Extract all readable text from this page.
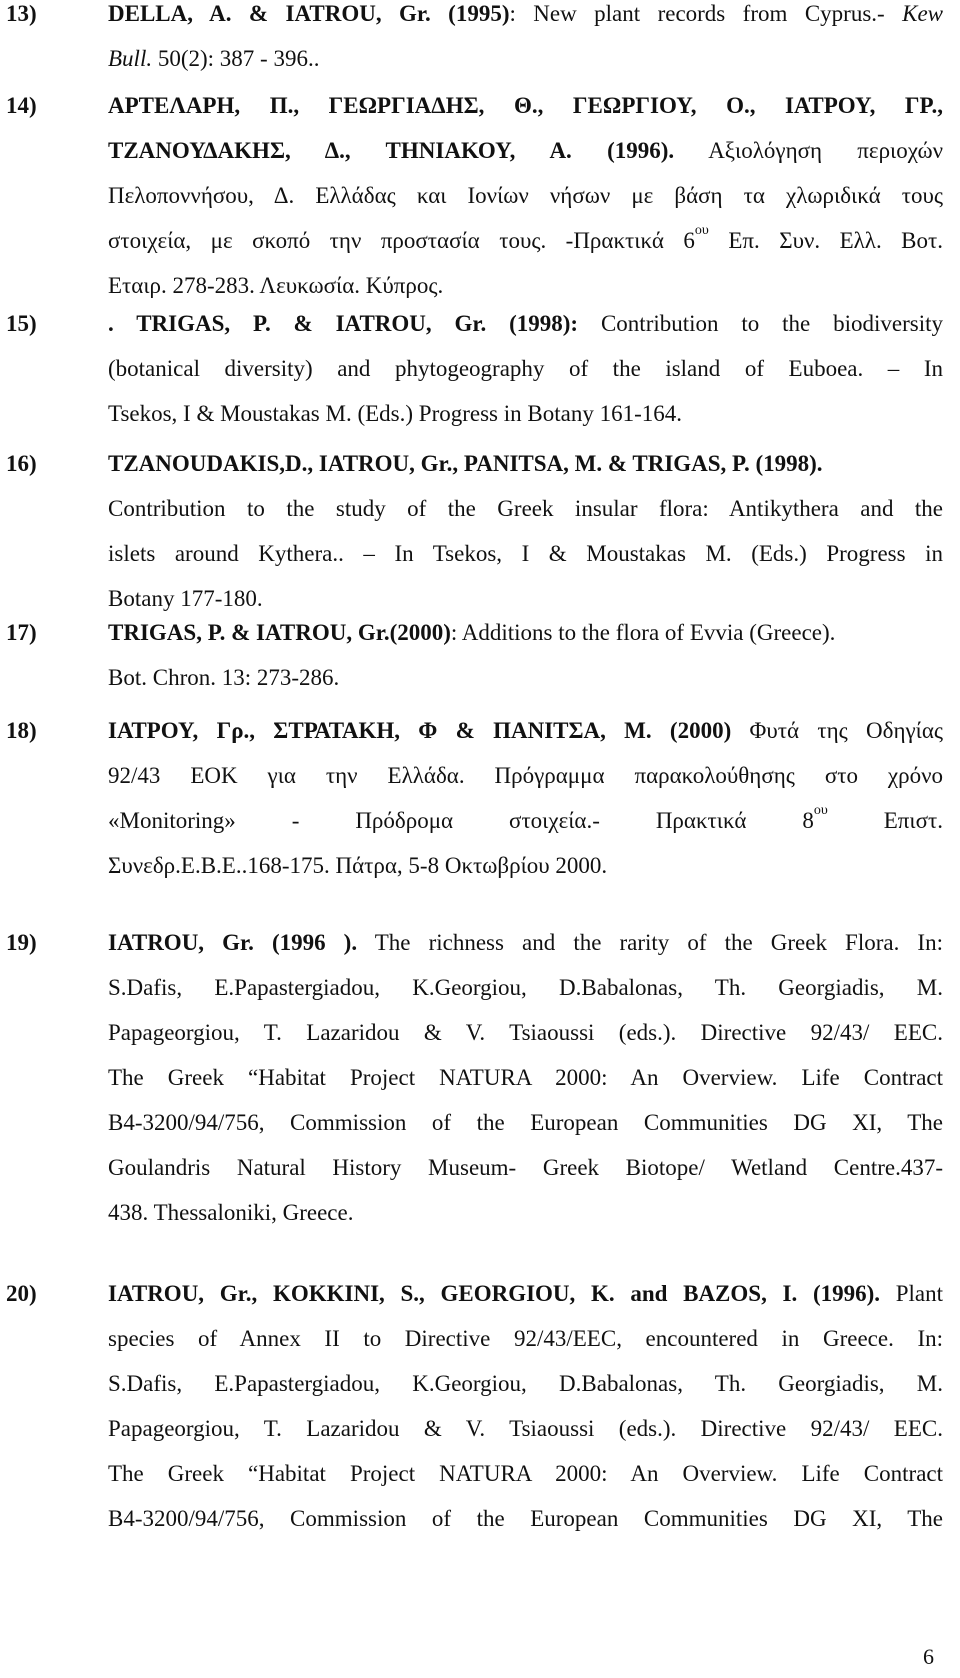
13)	DELLA, A. & IATROU, Gr. (1995): New plant records from Cyprus.- Kew
Bull. 50(2): 387 - 396..
14)	ΑΡΤΕΛΑΡΗ, Π., ΓΕΩΡΓΙΑΔΗΣ, Θ., ΓΕΩΡΓΙΟΥ, Ο., ΙΑΤΡΟΥ, ΓΡ.,
ΤΖΑΝΟΥΔΑΚΗΣ, Δ., ΤΗΝΙΑΚΟΥ, Α. (1996). Αξιολόγηση περιοχών
Πελοποννήσου, Δ. Ελλάδας και Ιονίων νήσων με βάση τα χλωριδικά τους
στοιχεία, με σκοπό την προστασία τους. -Πρακτικά $6^{o\upsilon}$ Επ. Συν. Ελλ. Βοτ.
Εταιρ. 278-283. Λευκωσία. Κύπρος.
15)	. TRIGAS, P. & IATROU, Gr. (1998): Contribution to the biodiversity
(botanical diversity) and phytogeography of the island of Euboea. – In
Tsekos, I & Moustakas M. (Eds.) Progress in Botany 161-164.
16)	TZANOUDAKIS,D., IATROU, Gr., PANITSA, M. & TRIGAS, P. (1998).
Contribution to the study of the Greek insular flora: Antikythera and the
islets around Kythera.. – In Tsekos, I & Moustakas M. (Eds.) Progress in
Botany 177-180.
17)	TRIGAS, P. & IATROU, Gr.(2000): Additions to the flora of Evvia (Greece).
Bot. Chron. 13: 273-286.
18)	ΙΑΤΡΟΥ, Γρ., ΣΤΡΑΤΑΚΗ, Φ & ΠΑΝΙΤΣΑ, Μ. (2000) Φυτά της Οδηγίας
92/43 ΕΟΚ για την Ελλάδα. Πρόγραμμα παρακολούθησης στο χρόνο
«Monitoring» - Πρόδρομα στοιχεία.- Πρακτικά $8^{o\upsilon}$ Επιστ.
Συνεδρ.Ε.Β.Ε..168-175. Πάτρα, 5-8 Οκτωβρίου 2000.
19)	IATROU, Gr. (1996 ). The richness and the rarity of the Greek Flora. In:
S.Dafis, E.Papastergiadou, K.Georgiou, D.Babalonas, Th. Georgiadis, M.
Papageorgiou, T. Lazaridou & V. Tsiaoussi (eds.). Directive 92/43/ EEC.
The Greek “Habitat Project NATURA 2000: An Overview. Life Contract
B4-3200/94/756, Commission of the European Communities DG XI, The
Goulandris Natural History Museum- Greek Biotope/ Wetland Centre.437-
438. Thessaloniki, Greece.
20)	IATROU, Gr., KOKKINI, S., GEORGIOU, K. and BAZOS, I. (1996). Plant
species of Annex II to Directive 92/43/EEC, encountered in Greece. In:
S.Dafis, E.Papastergiadou, K.Georgiou, D.Babalonas, Th. Georgiadis, M.
Papageorgiou, T. Lazaridou & V. Tsiaoussi (eds.). Directive 92/43/ EEC.
The Greek “Habitat Project NATURA 2000: An Overview. Life Contract
B4-3200/94/756, Commission of the European Communities DG XI, The
6
